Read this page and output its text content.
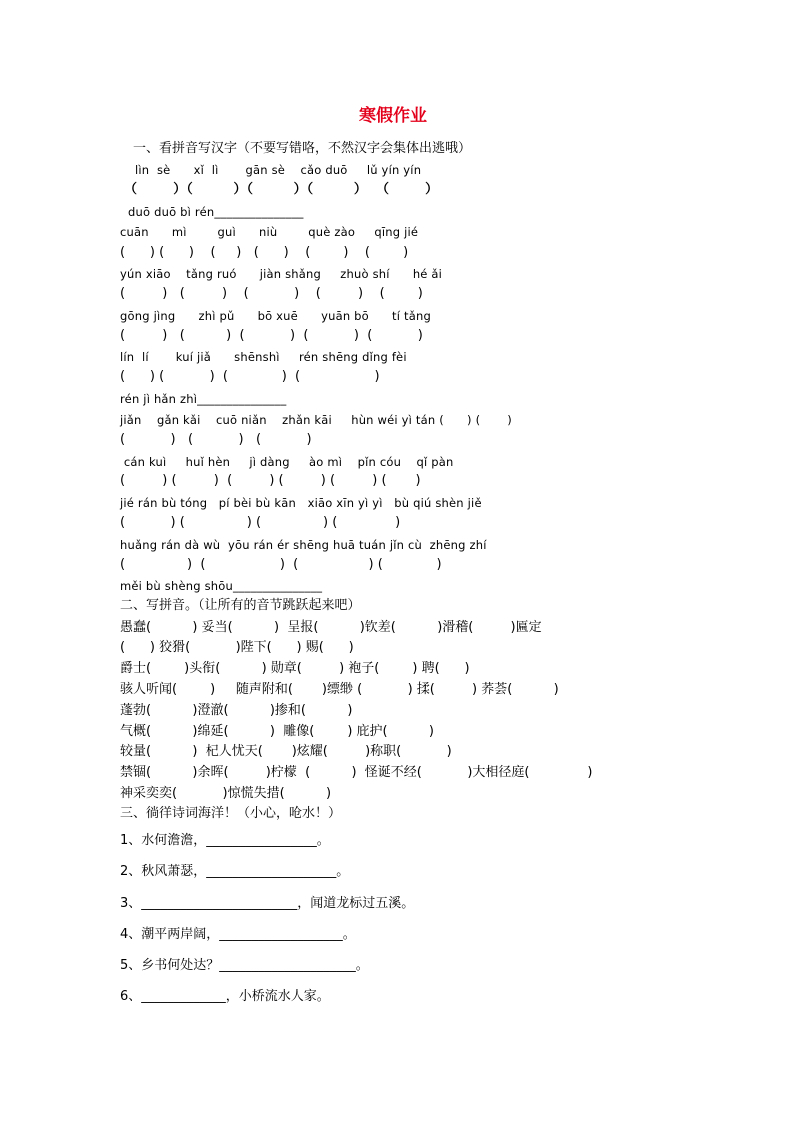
寒假作业
一、看拼音写汉字（不要写错咯，不然汉字会集体出逃哦）
lìn  sè      xǐ  lì       gān sè    cǎo duō     lǔ yín yín
（        ）（         ）（         ）（         ）  （        ）
duō duō bì rén_______________
cuān      mì        guì      niù        què zào     qīng jié
(      ) (      )    (     )   (      )    (        )    (        )
yún xiāo    tǎng ruó      jiàn shǎng     zhuò shí      hé ǎi
(         )   (         )    (           )    (         )    (        )
gōng jìng      zhì pǔ      bō xuē      yuān bō      tí tǎng
(         )   (          )  (           )  (           )  (           )
lín  lí       kuí jiǎ      shēnshì     rén shēng dǐng fèi
(      ) (           )  (             )  (                  )
rén jì hǎn zhì_______________
jiǎn    gǎn kǎi    cuō niǎn    zhǎn kāi     hùn wéi yì tán (      ) (       )
(           )   (           )   (           )
cán kuì     huǐ hèn     jì dàng     ào mì    pǐn cóu    qǐ pàn
(         ) (         )  (         ) (         ) (         ) (       )
jié rán bù tóng   pí bèi bù kān   xiāo xīn yì yì   bù qiú shèn jiě
(           ) (               ) (               ) (              )
huǎng rán dà wù  yōu rán ér shēng huā tuán jǐn cù  zhēng zhí
(               )  (                  )  (                 ) (             )
měi bù shèng shōu_______________
二、写拼音。（让所有的音节跳跃起来吧）
愚蠢(          ) 妥当(          )  呈报(          )钦差(          )滑稽(         )匾定
(      ) 狡猾(           )陛下(      ) 赐(      )
爵士(        )头衔(          ) 勋章(         ) 袍子(        ) 聘(      )
骇人听闻(        )     随声附和(       )缥缈 (           ) 揉(         ) 荞荟(          )
蓬勃(          )澄澈(          )掺和(          )
气概(          )绵延(          )  雕像(        ) 庇护(          )
较量(          )  杞人忧天(       )炫耀(         )称职(           )
禁锢(          )余晖(         )柠檬  (          )  怪诞不经(           )大相径庭(              )
神采奕奕(           )惊慌失措(          )
三、徜徉诗词海洋！（小心，呛水！）
1、水何澹澹，_________________。
2、秋风萧瑟，____________________。
3、________________________，闻道龙标过五溪。
4、潮平两岸阔，___________________。
5、乡书何处达？_____________________。
6、_____________，小桥流水人家。
